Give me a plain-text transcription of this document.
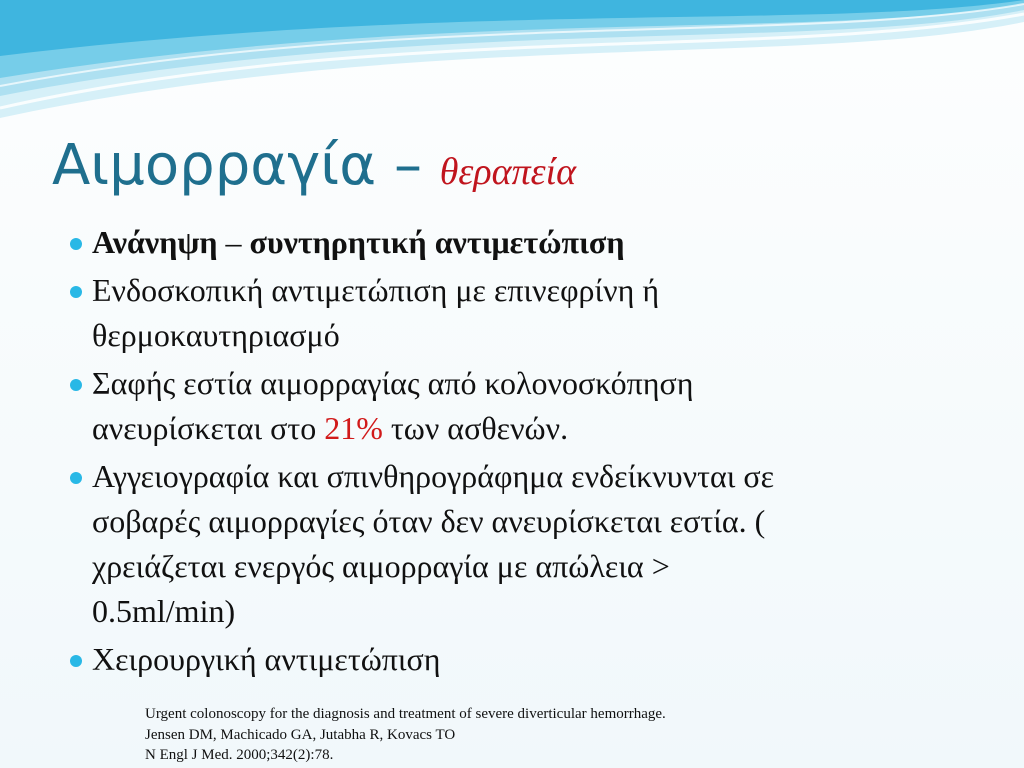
Αιμορραγία – θεραπεία
Ανάνηψη – συντηρητική αντιμετώπιση
Ενδοσκοπική αντιμετώπιση με επινεφρίνη ή
θερμοκαυτηριασμό
Σαφής εστία αιμορραγίας από κολονοσκόπηση
ανευρίσκεται στο 21% των ασθενών.
Αγγειογραφία και σπινθηρογράφημα ενδείκνυνται σε
σοβαρές αιμορραγίες όταν δεν ανευρίσκεται εστία. (
χρειάζεται ενεργός αιμορραγία με απώλεια >
0.5ml/min)
Χειρουργική αντιμετώπιση
Urgent colonoscopy for the diagnosis and treatment of severe diverticular hemorrhage.
Jensen DM, Machicado GA, Jutabha R, Kovacs TO
N Engl J Med. 2000;342(2):78.
